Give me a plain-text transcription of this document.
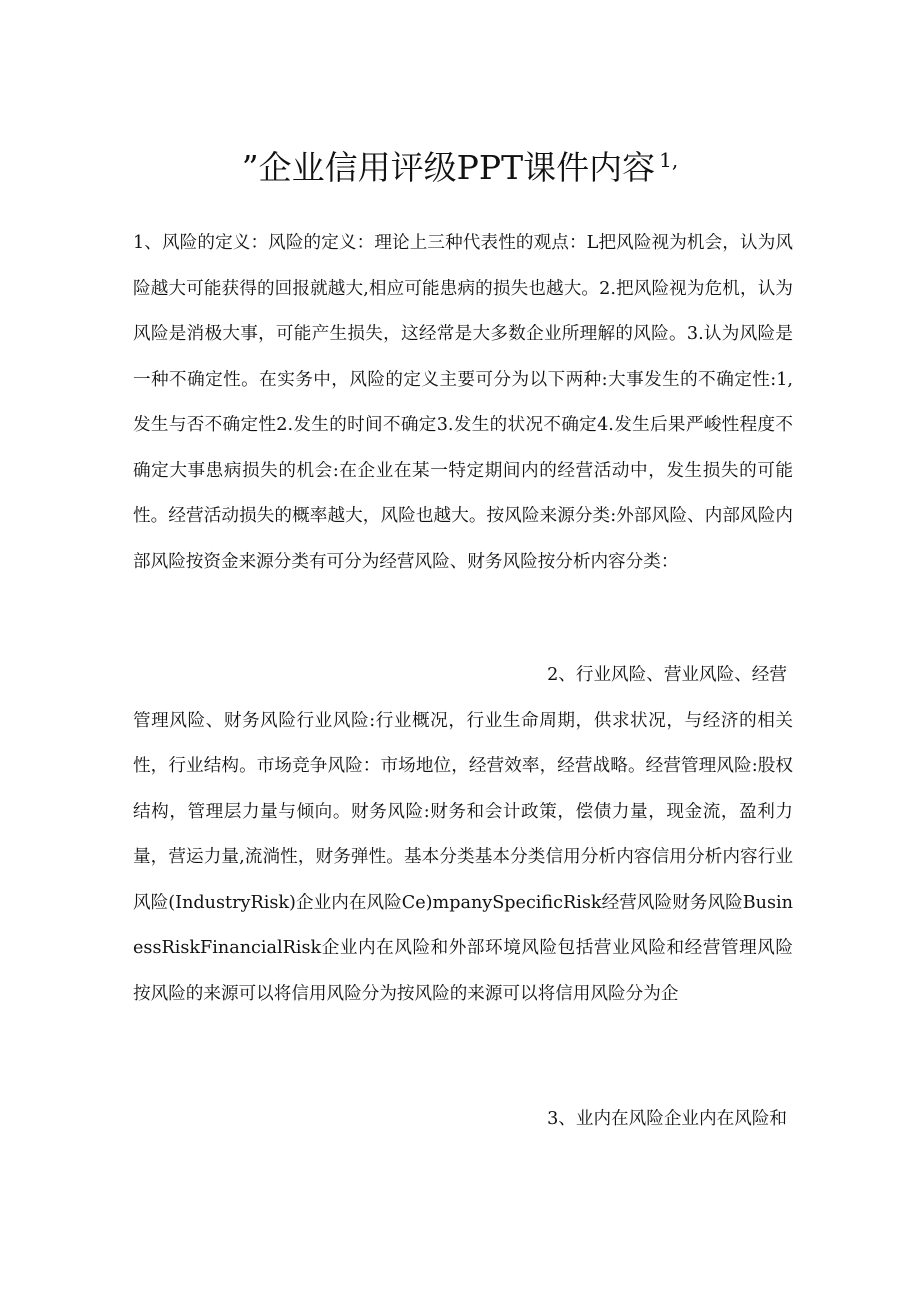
”企业信用评级PPT课件内容 $^{1,}$

1、风险的定义：风险的定义：理论上三种代表性的观点：L把风险视为机会，认为风险越大可能获得的回报就越大,相应可能患病的损失也越大。2.把风险视为危机，认为风险是消极大事，可能产生损失，这经常是大多数企业所理解的风险。3.认为风险是一种不确定性。在实务中，风险的定义主要可分为以下两种:大事发生的不确定性:1,发生与否不确定性2.发生的时间不确定3.发生的状况不确定4.发生后果严峻性程度不确定大事患病损失的机会:在企业在某一特定期间内的经营活动中，发生损失的可能性。经营活动损失的概率越大，风险也越大。按风险来源分类:外部风险、内部风险内部风险按资金来源分类有可分为经营风险、财务风险按分析内容分类：

2、行业风险、营业风险、经营
管理风险、财务风险行业风险:行业概况，行业生命周期，供求状况，与经济的相关性，行业结构。市场竞争风险：市场地位，经营效率，经营战略。经营管理风险:股权结构，管理层力量与倾向。财务风险:财务和会计政策，偿债力量，现金流，盈利力量，营运力量,流淌性，财务弹性。基本分类基本分类信用分析内容信用分析内容行业风险(IndustryRisk)企业内在风险Ce)mpanySpecificRisk经营风险财务风险BusinessRiskFinancialRisk企业内在风险和外部环境风险包括营业风险和经营管理风险按风险的来源可以将信用风险分为按风险的来源可以将信用风险分为企

3、业内在风险企业内在风险和
